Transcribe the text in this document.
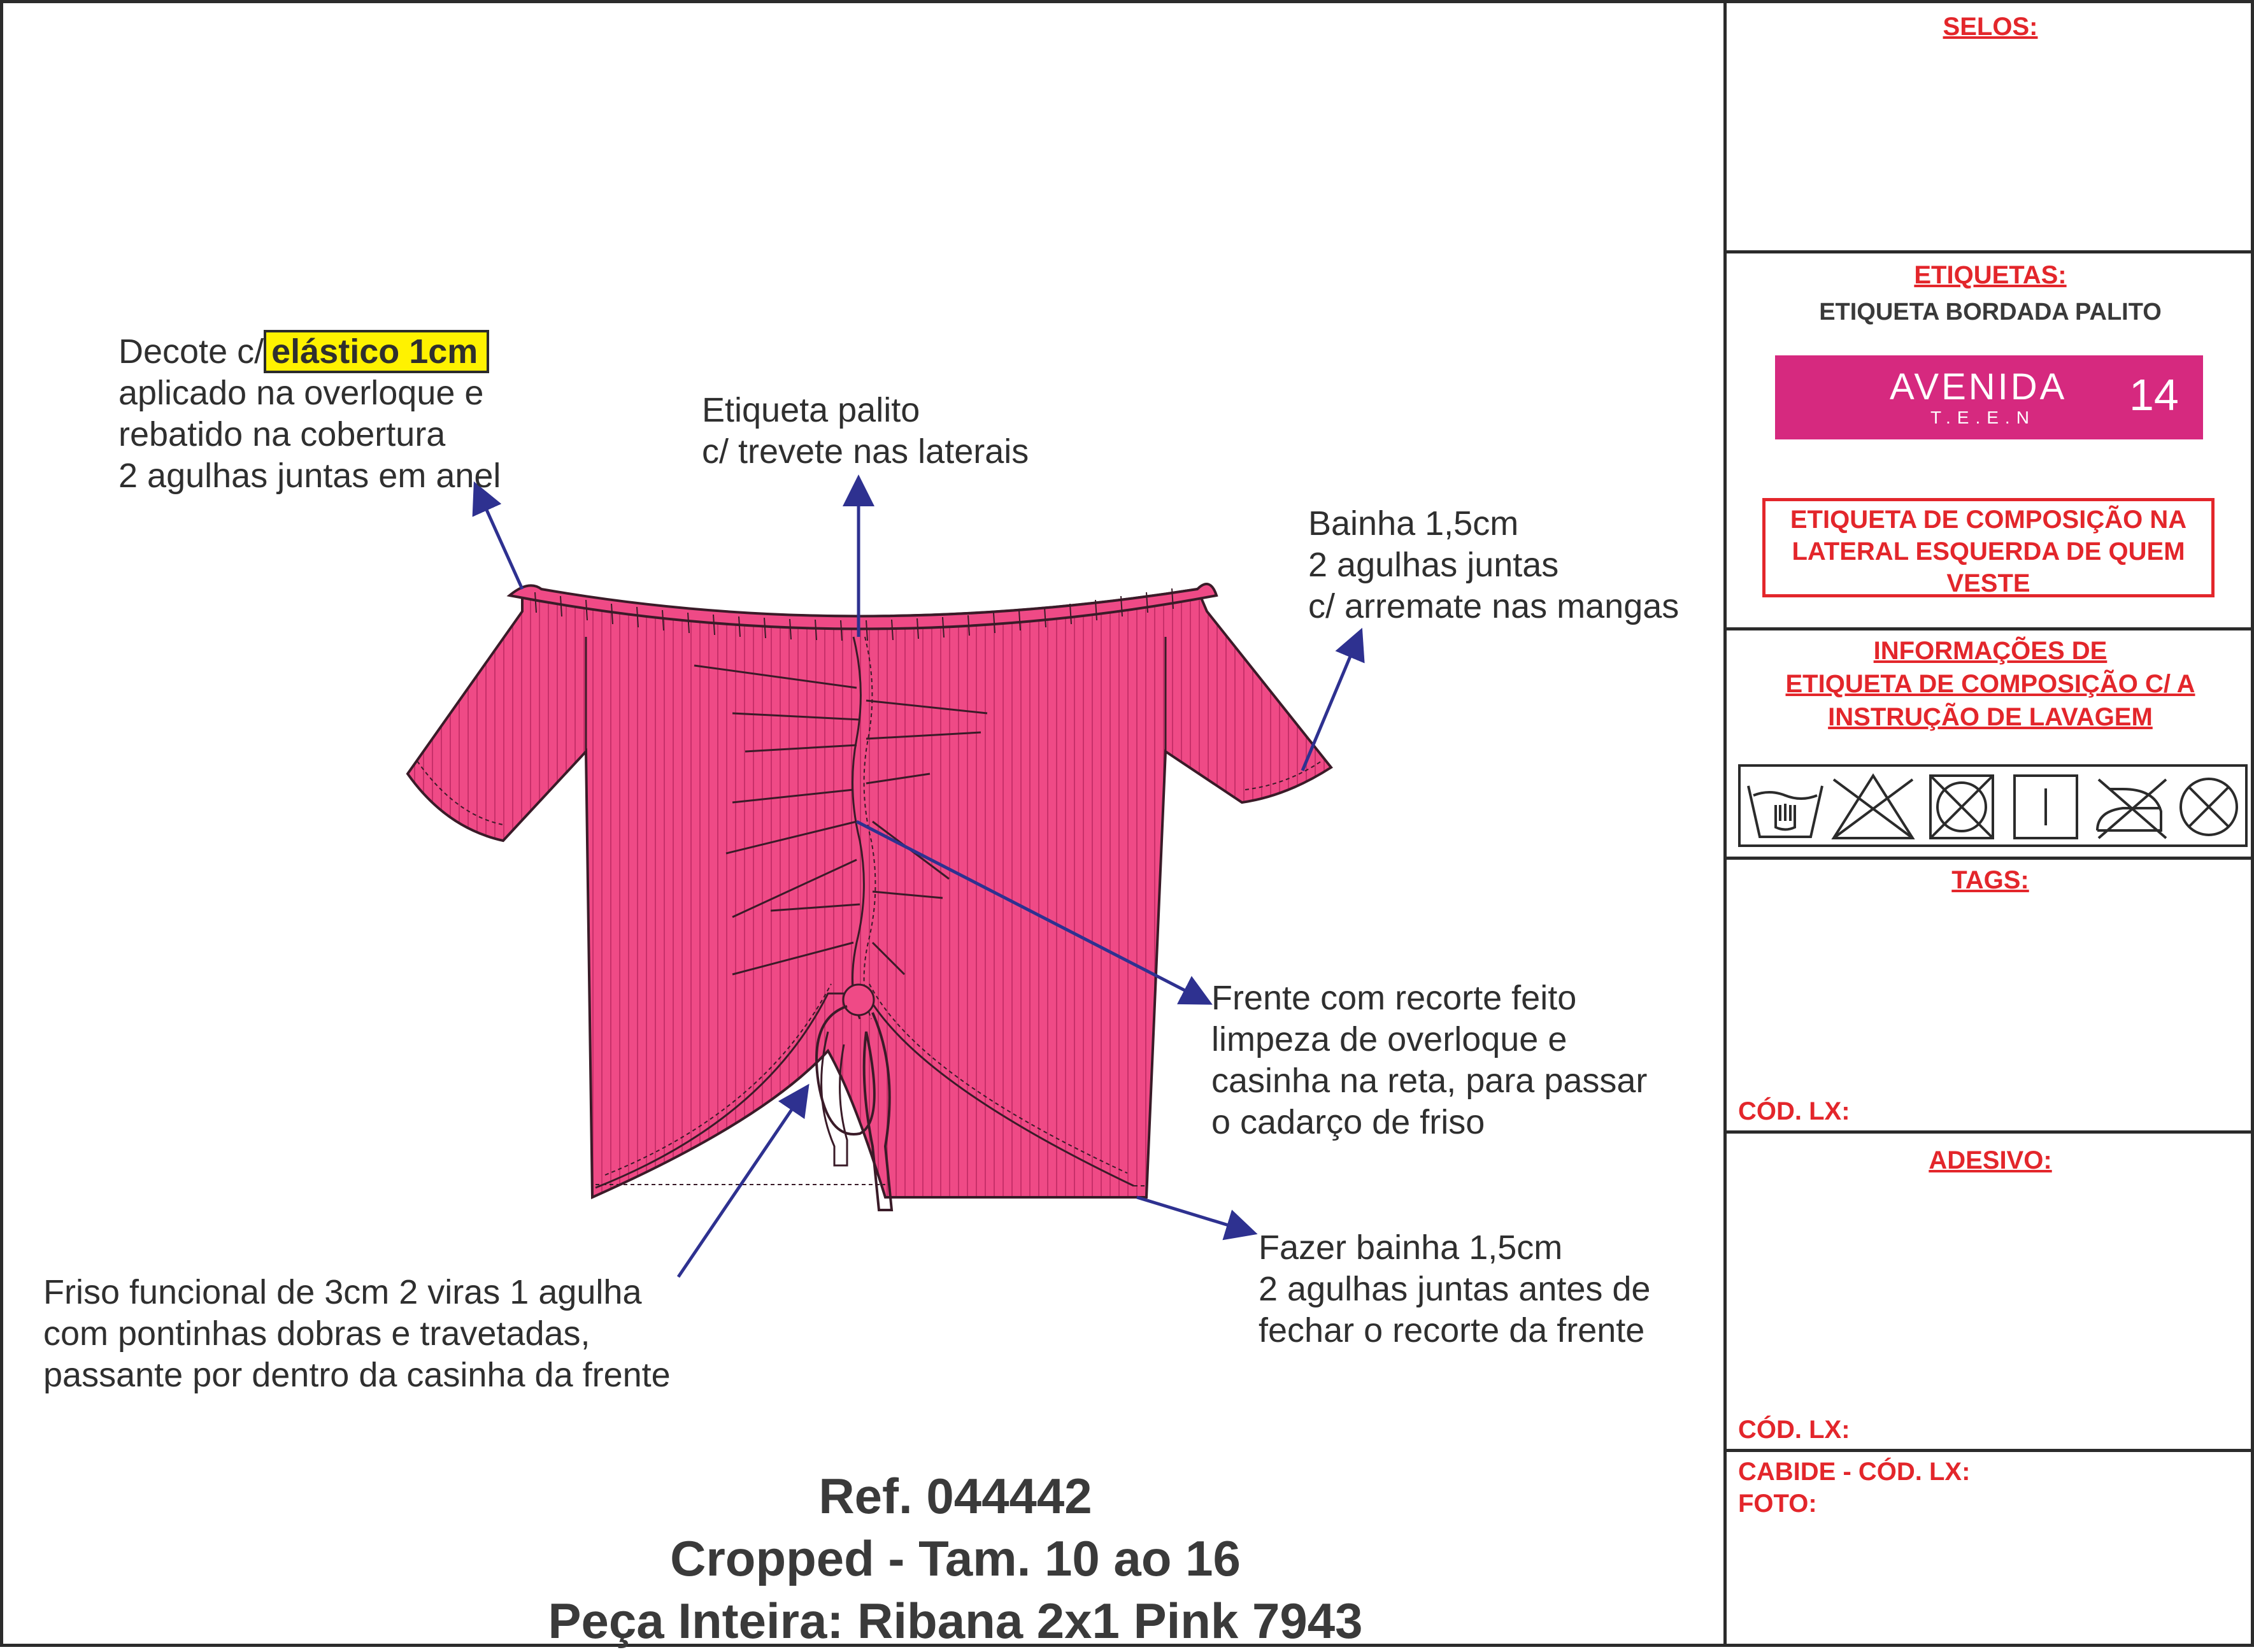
Decote c/ elástico 1cm
aplicado na overloque e
rebatido na cobertura
2 agulhas juntas em anel
Etiqueta palito
c/ trevete nas laterais
Bainha 1,5cm
2 agulhas juntas
c/ arremate nas mangas
Frente com recorte feito
limpeza de overloque e
casinha na reta, para passar
o cadarço de friso
Fazer bainha 1,5cm
2 agulhas juntas antes de
fechar o recorte da frente
Friso funcional de 3cm 2 viras 1 agulha
com pontinhas dobras e travetadas,
passante por dentro da casinha da frente
Ref. 044442
Cropped - Tam. 10 ao 16
Peça Inteira: Ribana 2x1 Pink 7943
SELOS:
ETIQUETAS:
ETIQUETA BORDADA PALITO
AVENIDA
T.E.E.N 14
ETIQUETA DE COMPOSIÇÃO NA
LATERAL ESQUERDA DE QUEM
VESTE
INFORMAÇÕES DE
ETIQUETA DE COMPOSIÇÃO C/ A
INSTRUÇÃO DE LAVAGEM
TAGS:
CÓD. LX:
ADESIVO:
CÓD. LX:
CABIDE - CÓD. LX:
FOTO:
